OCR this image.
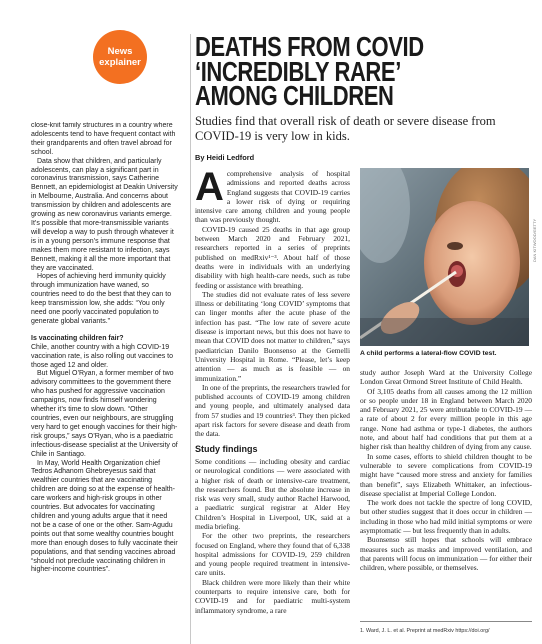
News
explainer

close-knit family structures in a country where adolescents tend to have frequent contact with their grandparents and often travel abroad for school.

Data show that children, and particularly adolescents, can play a significant part in coronavirus transmission, says Catherine Bennett, an epidemiologist at Deakin University in Melbourne, Australia. And concerns about transmission by children and adolescents are growing as new coronavirus variants emerge. It’s possible that more-transmissible variants will develop a way to push through whatever it is in a young person’s immune response that makes them more resistant to infection, says Bennett, making it all the more important that they are vaccinated.

Hopes of achieving herd immunity quickly through immunization have waned, so countries need to do the best that they can to keep transmission low, she adds: “You only need one poorly vaccinated population to generate global variants.”

Is vaccinating children fair?

Chile, another country with a high COVID-19 vaccination rate, is also rolling out vaccines to those aged 12 and older.

But Miguel O’Ryan, a former member of two advisory committees to the government there who has pushed for aggressive vaccination campaigns, now finds himself wondering whether it’s time to slow down. “Other countries, even our neighbours, are struggling very hard to get enough vaccines for their high-risk groups,” says O’Ryan, who is a paediatric infectious-disease specialist at the University of Chile in Santiago.

In May, World Health Organization chief Tedros Adhanom Ghebreyesus said that wealthier countries that are vaccinating children are doing so at the expense of health-care workers and high-risk groups in other countries. But advocates for vaccinating children and young adults argue that it need not be a case of one or the other. Sam-Agudu points out that some wealthy countries bought more than enough doses to fully vaccinate their populations, and that sending vaccines abroad “should not preclude vaccinating children in higher-income countries”.

DEATHS FROM COVID
‘INCREDIBLY RARE’
AMONG CHILDREN
Studies find that overall risk of death or severe disease from COVID-19 is very low in kids.
By Heidi Ledford
A comprehensive analysis of hospital admissions and reported deaths across England suggests that COVID-19 carries a lower risk of dying or requiring intensive care among children and young people than was previously thought.

COVID-19 caused 25 deaths in that age group between March 2020 and February 2021, researchers reported in a series of preprints published on medRxiv¹⁻³. About half of those deaths were in individuals with an underlying disability with high health-care needs, such as tube feeding or assistance with breathing.

The studies did not evaluate rates of less severe illness or debilitating ‘long COVID’ symptoms that can linger months after the acute phase of the infection has past. “The low rate of severe acute disease is important news, but this does not have to mean that COVID does not matter to children,” says paediatrician Danilo Buonsenso at the Gemelli University Hospital in Rome. “Please, let’s keep attention — as much as is feasible — on immunization.”

In one of the preprints, the researchers trawled for published accounts of COVID-19 among children and young people, and ultimately analysed data from 57 studies and 19 countries³. They then picked apart risk factors for severe disease and death from the data.

Study findings

Some conditions — including obesity and cardiac or neurological conditions — were associated with a higher risk of death or intensive-care treatment, the researchers found. But the absolute increase in risk was very small, study author Rachel Harwood, a paediatric surgical registrar at Alder Hey Children’s Hospital in Liverpool, UK, said at a media briefing.

For the other two preprints, the researchers focused on England, where they found that of 6,338 hospital admissions for COVID-19, 259 children and young people required treatment in intensive-care units.

Black children were more likely than their white counterparts to require intensive care, both for COVID-19 and for paediatric multi-system inflammatory syndrome, a rare

DAN KITWOOD/GETTY
A child performs a lateral-flow COVID test.

study author Joseph Ward at the University College London Great Ormond Street Institute of Child Health.

Of 3,105 deaths from all causes among the 12 million or so people under 18 in England between March 2020 and February 2021, 25 were attributable to COVID-19 — a rate of about 2 for every million people in this age range. None had asthma or type-1 diabetes, the authors note, and about half had conditions that put them at a higher risk than healthy children of dying from any cause.

In some cases, efforts to shield children thought to be vulnerable to severe complications from COVID-19 might have “caused more stress and anxiety for families than benefit”, says Elizabeth Whittaker, an infectious-disease specialist at Imperial College London.

The work does not tackle the spectre of long COVID, but other studies suggest that it does occur in children — including in those who had mild initial symptoms or were asymptomatic — but less frequently than in adults.

Buonsenso still hopes that schools will embrace measures such as masks and improved ventilation, and that parents will focus on immunization — for either their children, where possible, or themselves.

1. Ward, J. L. et al. Preprint at medRxiv https://doi.org/
